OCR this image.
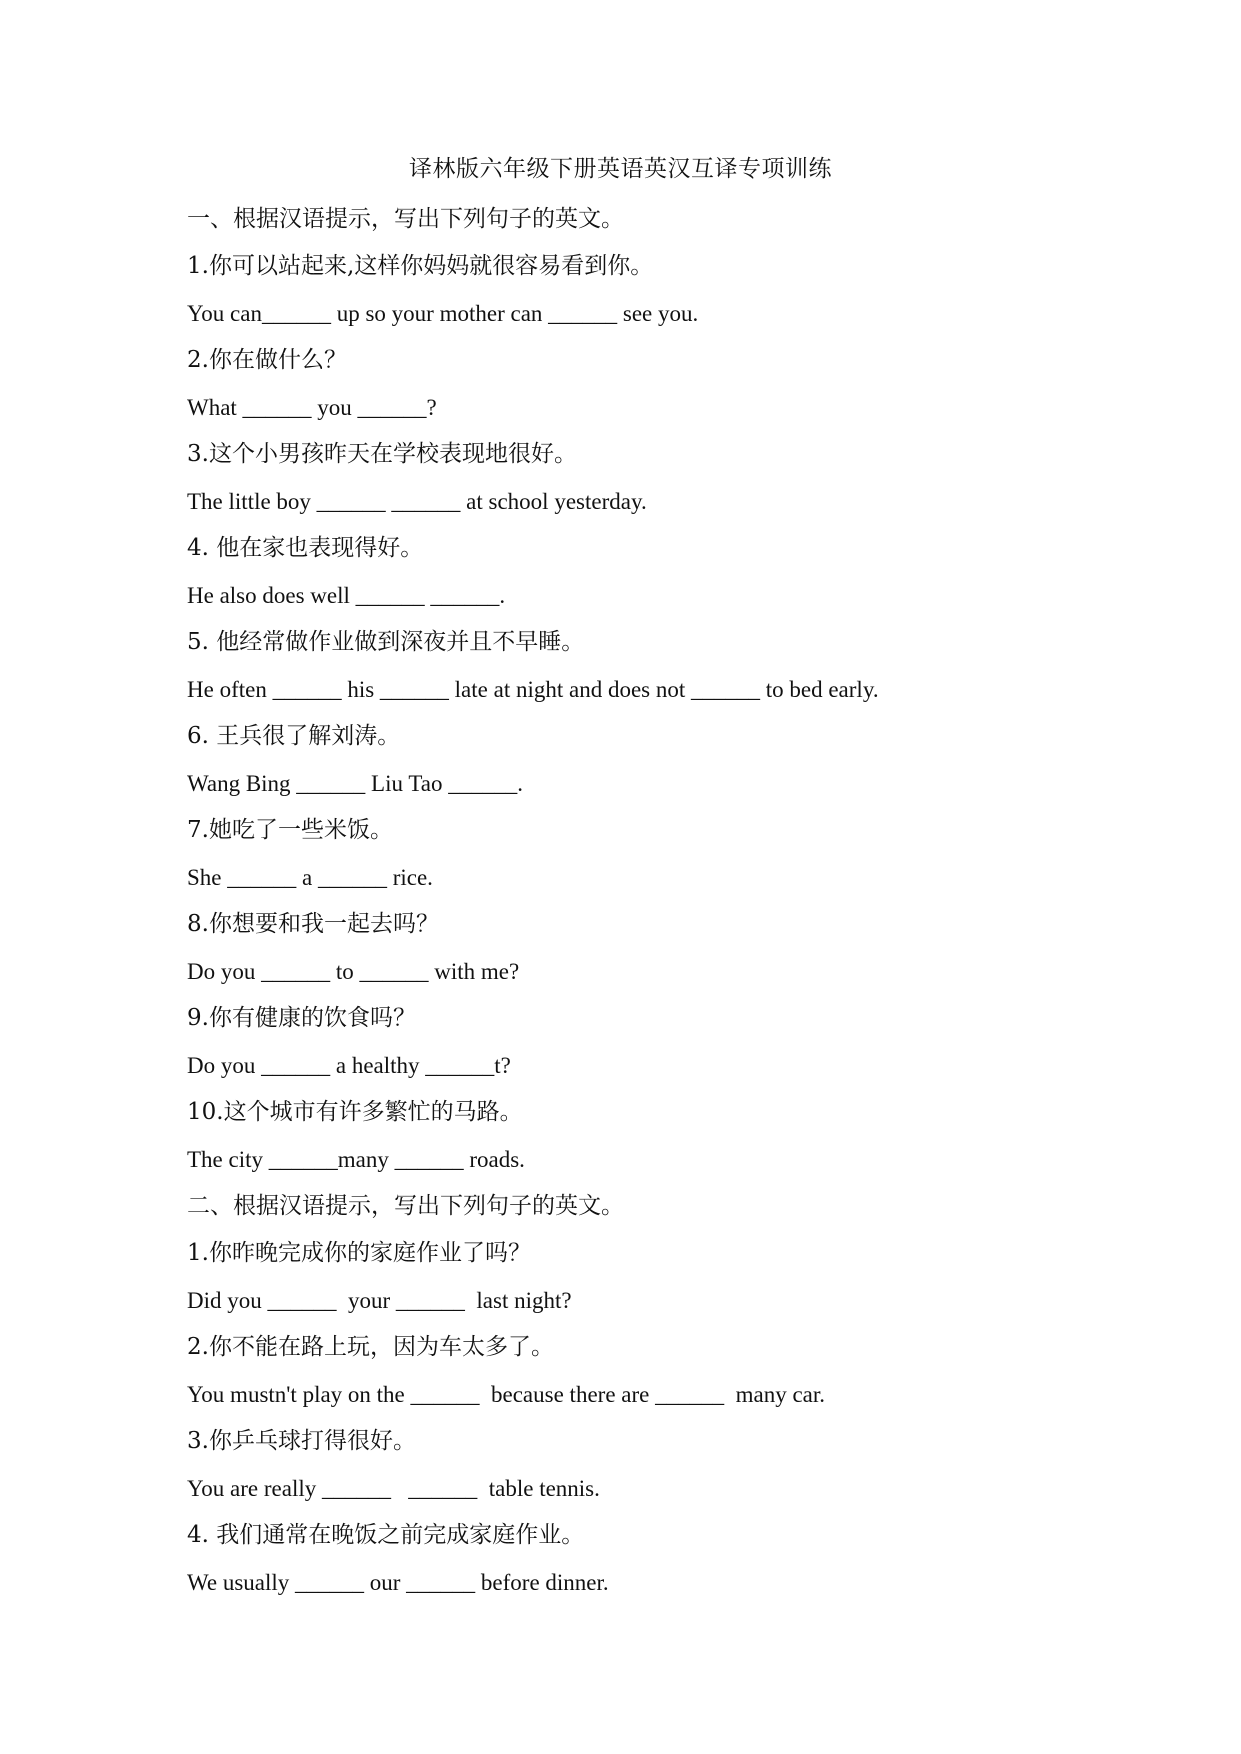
译林版六年级下册英语英汉互译专项训练
一、根据汉语提示，写出下列句子的英文。
1.你可以站起来,这样你妈妈就很容易看到你。
You can______ up so your mother can ______ see you.
2.你在做什么？
What ______ you ______?
3.这个小男孩昨天在学校表现地很好。
The little boy ______ ______ at school yesterday.
4. 他在家也表现得好。
He also does well ______ ______.
5. 他经常做作业做到深夜并且不早睡。
He often ______ his ______ late at night and does not ______ to bed early.
6. 王兵很了解刘涛。
Wang Bing ______ Liu Tao ______.
7.她吃了一些米饭。
She ______ a ______ rice.
8.你想要和我一起去吗？
Do you ______ to ______ with me?
9.你有健康的饮食吗？
Do you ______ a healthy ______t?
10.这个城市有许多繁忙的马路。
The city ______many ______ roads.
二、根据汉语提示，写出下列句子的英文。
1.你昨晚完成你的家庭作业了吗？
Did you ______  your ______  last night?
2.你不能在路上玩，因为车太多了。
You mustn't play on the ______  because there are ______  many car.
3.你乒乓球打得很好。
You are really ______   ______  table tennis.
4. 我们通常在晚饭之前完成家庭作业。
We usually ______ our ______ before dinner.
